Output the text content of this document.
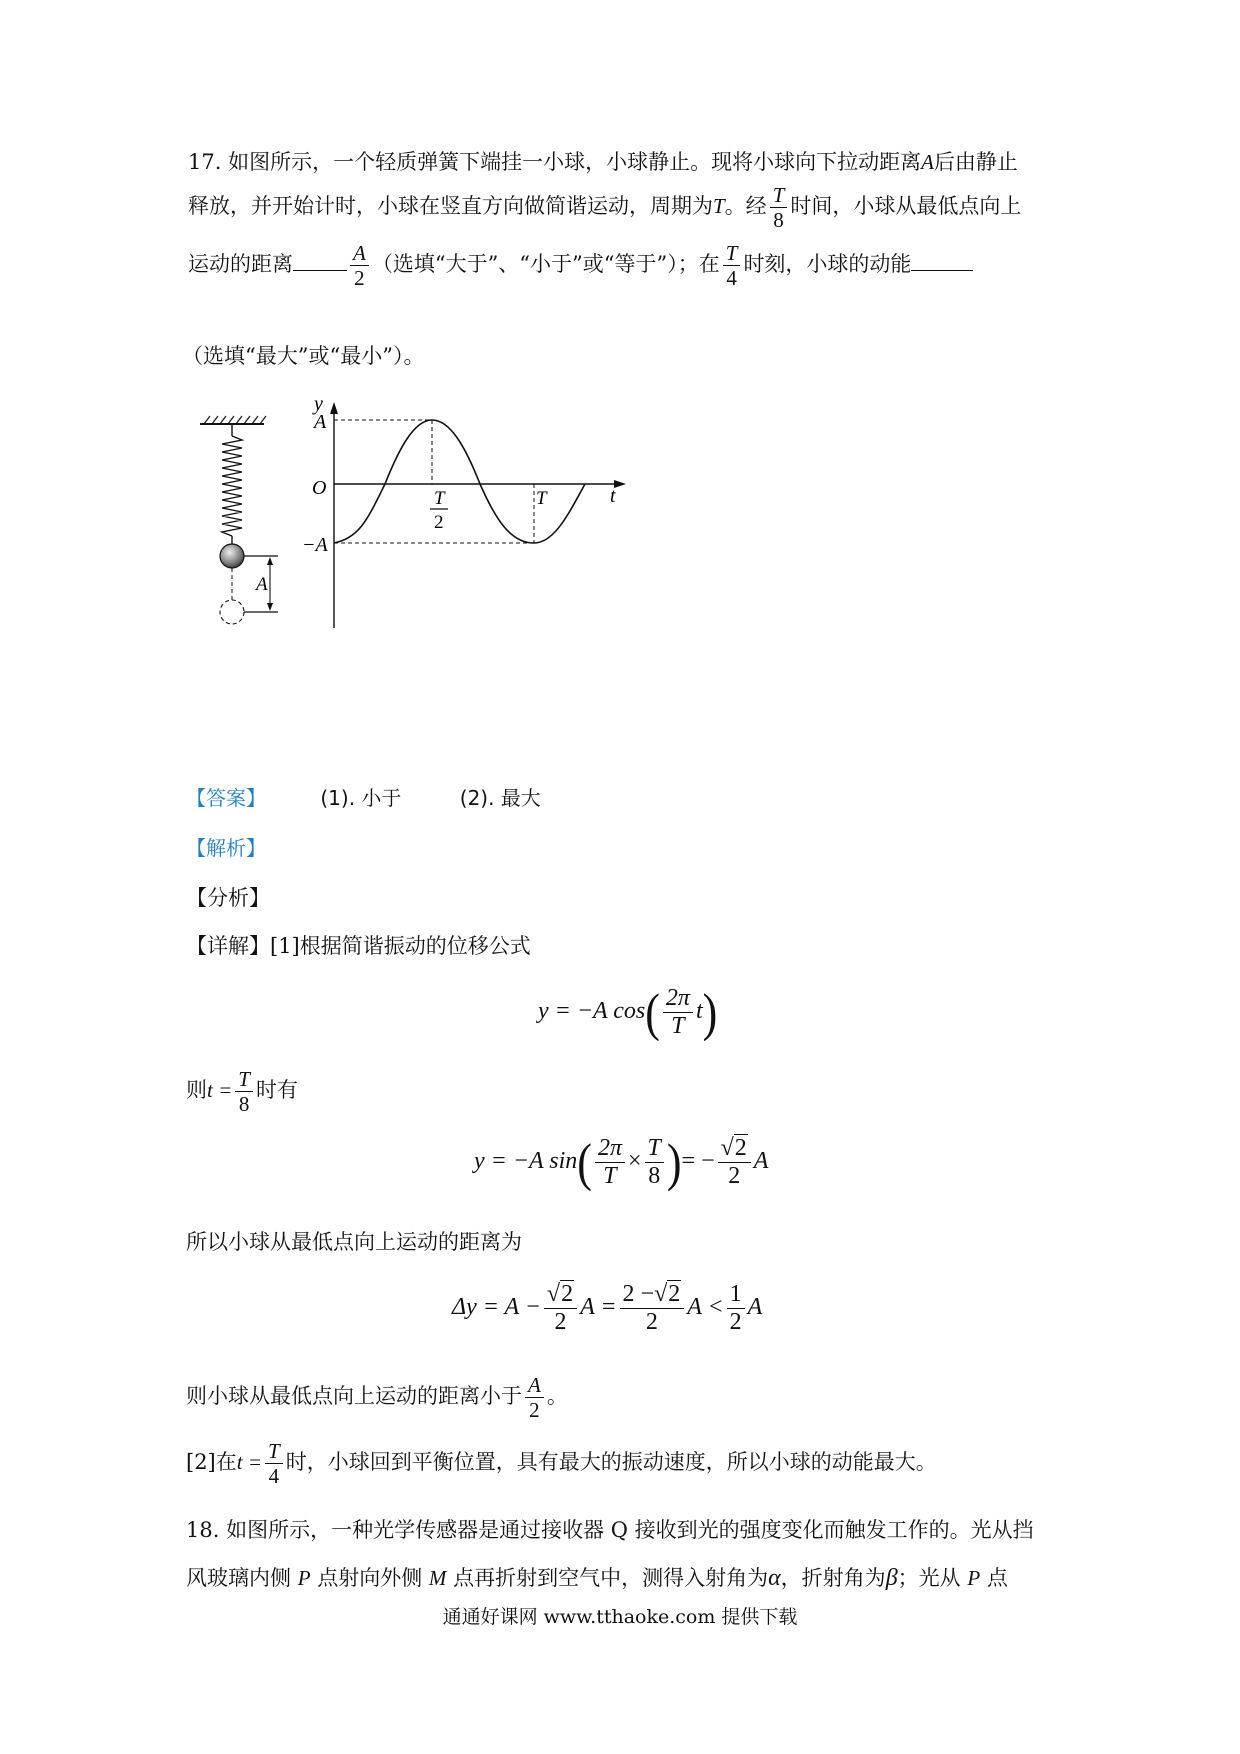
17. 如图所示，一个轻质弹簧下端挂一小球，小球静止。现将小球向下拉动距离A后由静止
释放，并开始计时，小球在竖直方向做简谐运动，周期为T。经 $\frac{T}{8}$ 时间，小球从最低点向上
运动的距离	$\frac{A}{2}$ （选填“大于”、“小于”或“等于”）；在 $\frac{T}{4}$ 时刻，小球的动能
（选填“最大”或“最小”）。
A
y
t
O
A
−A
T
2
T
【答案】	(1). 小于	(2). 最大
【解析】
【分析】
【详解】[1]根据简谐振动的位移公式
y = −A $\cos( \frac{2\pi}{T} t)$
则$t = \frac{T}{8}$ 时有
y = −A $\sin( \frac{2\pi}{T} \times \frac{T}{8}$ )= − $\frac{√2}{2}$ A
所以小球从最低点向上运动的距离为
$\Delta y = A - \frac{√2}{2}$ $A = \frac{2 -√2}{2}$ $A < \frac{1}{2}$ A
则小球从最低点向上运动的距离小于 $\frac{A}{2}$ 。
[2]在$t = \frac{T}{4}$ 时，小球回到平衡位置，具有最大的振动速度，所以小球的动能最大。
18. 如图所示，一种光学传感器是通过接收器 Q 接收到光的强度变化而触发工作的。光从挡
风玻璃内侧 P 点射向外侧 M 点再折射到空气中，测得入射角为α，折射角为β；光从 P 点
通通好课网 www.tthaoke.com 提供下载
